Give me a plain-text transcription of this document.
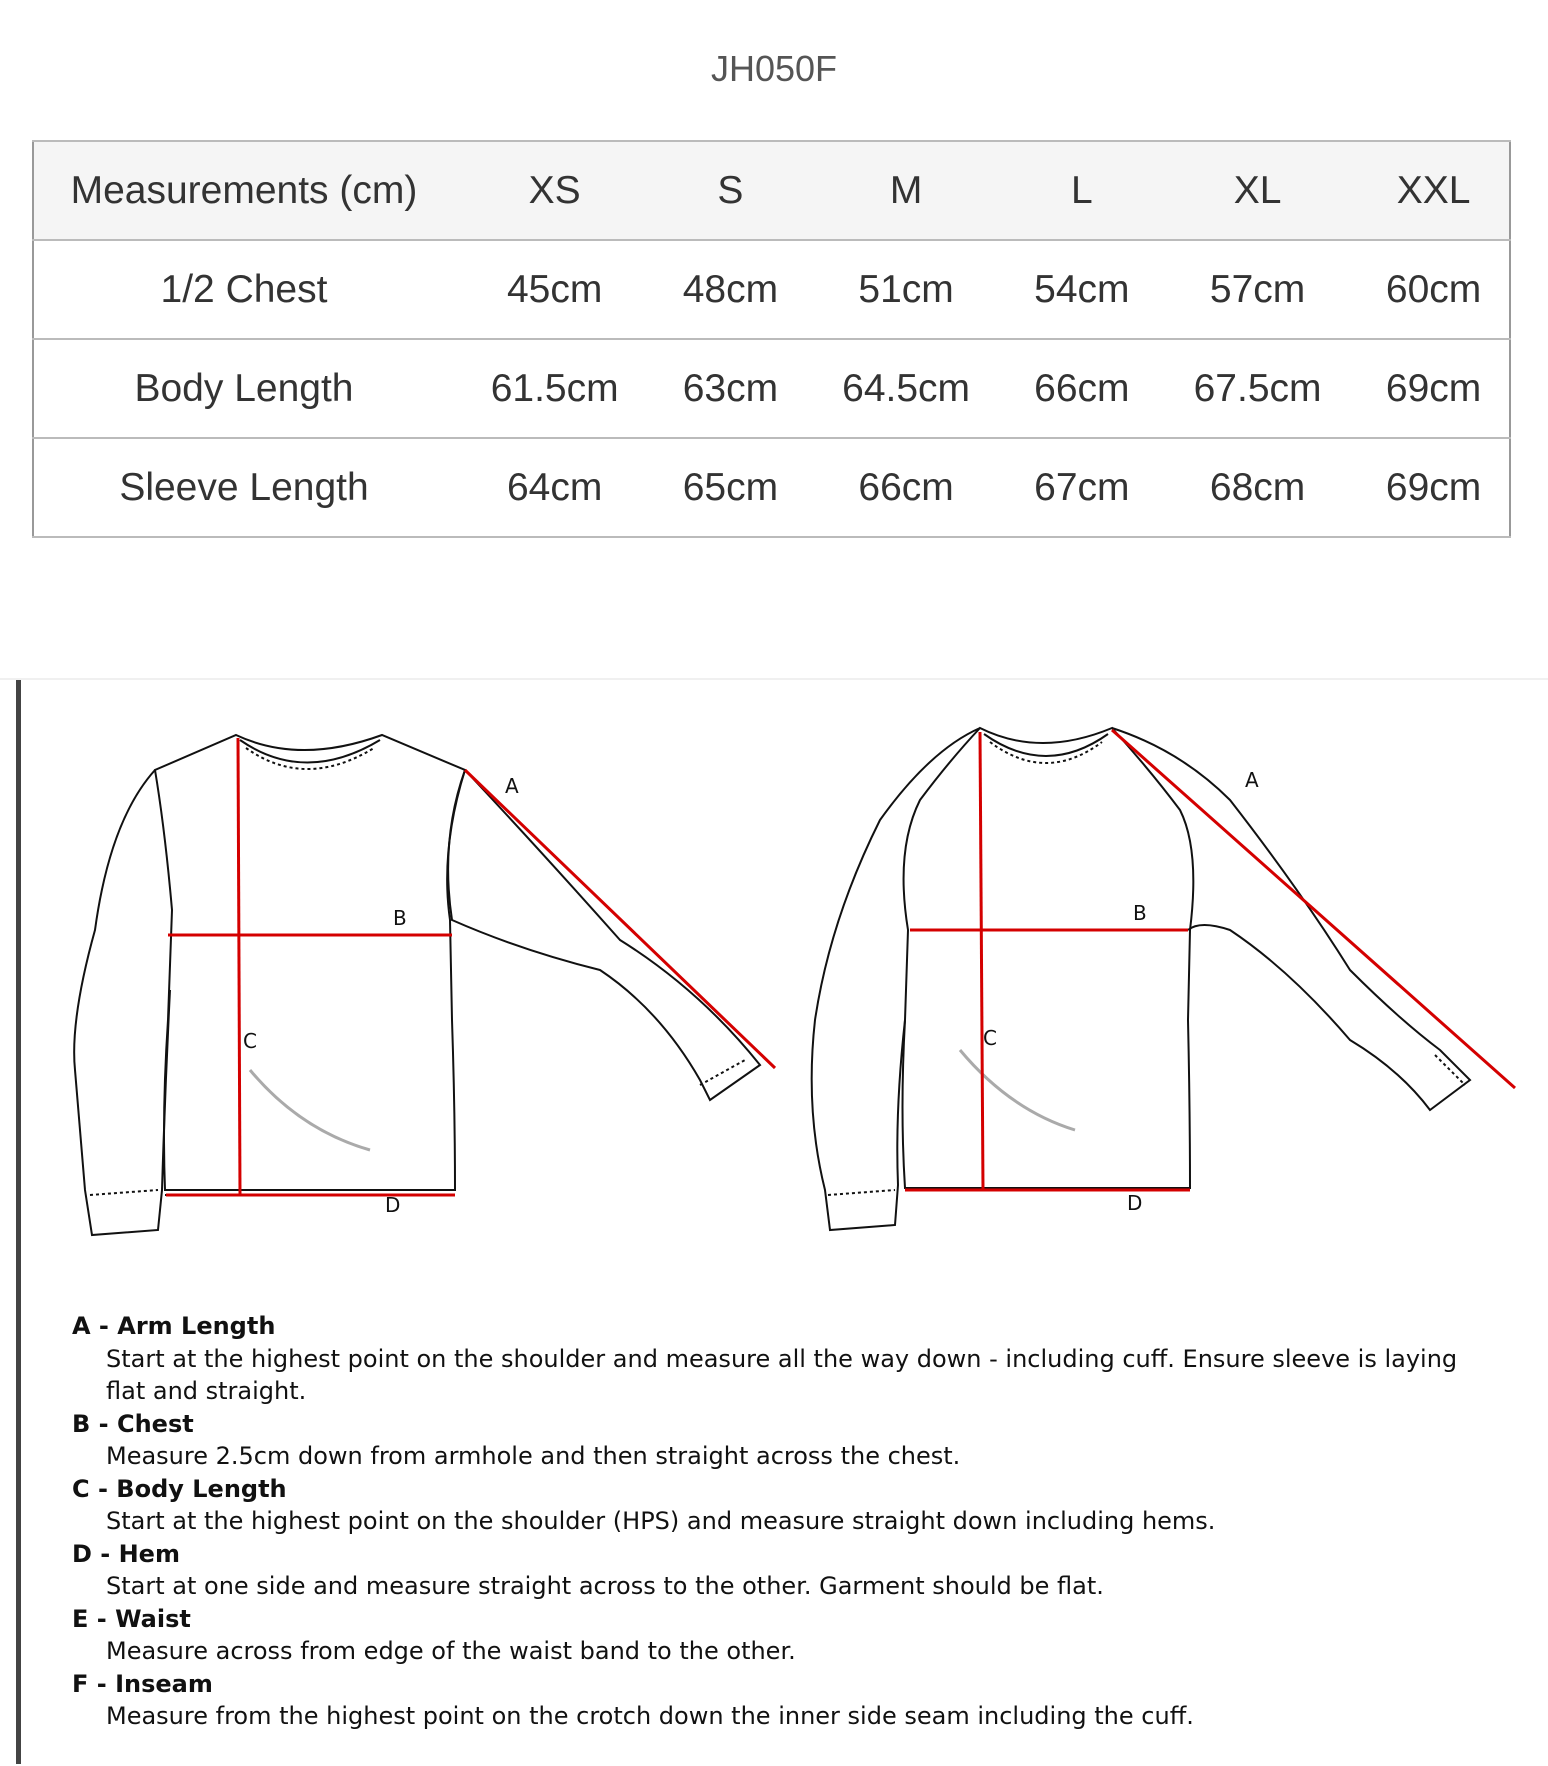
JH050F
Measurements (cm)	XS	S	M	L	XL	XXL
1/2 Chest	45cm	48cm	51cm	54cm	57cm	60cm
Body Length	61.5cm	63cm	64.5cm	66cm	67.5cm	69cm
Sleeve Length	64cm	65cm	66cm	67cm	68cm	69cm
A
B
C
D
A
B
C
D
A - Arm Length
Start at the highest point on the shoulder and measure all the way down - including cuff. Ensure sleeve is laying flat and straight.
B - Chest
Measure 2.5cm down from armhole and then straight across the chest.
C - Body Length
Start at the highest point on the shoulder (HPS) and measure straight down including hems.
D - Hem
Start at one side and measure straight across to the other. Garment should be flat.
E - Waist
Measure across from edge of the waist band to the other.
F - Inseam
Measure from the highest point on the crotch down the inner side seam including the cuff.
